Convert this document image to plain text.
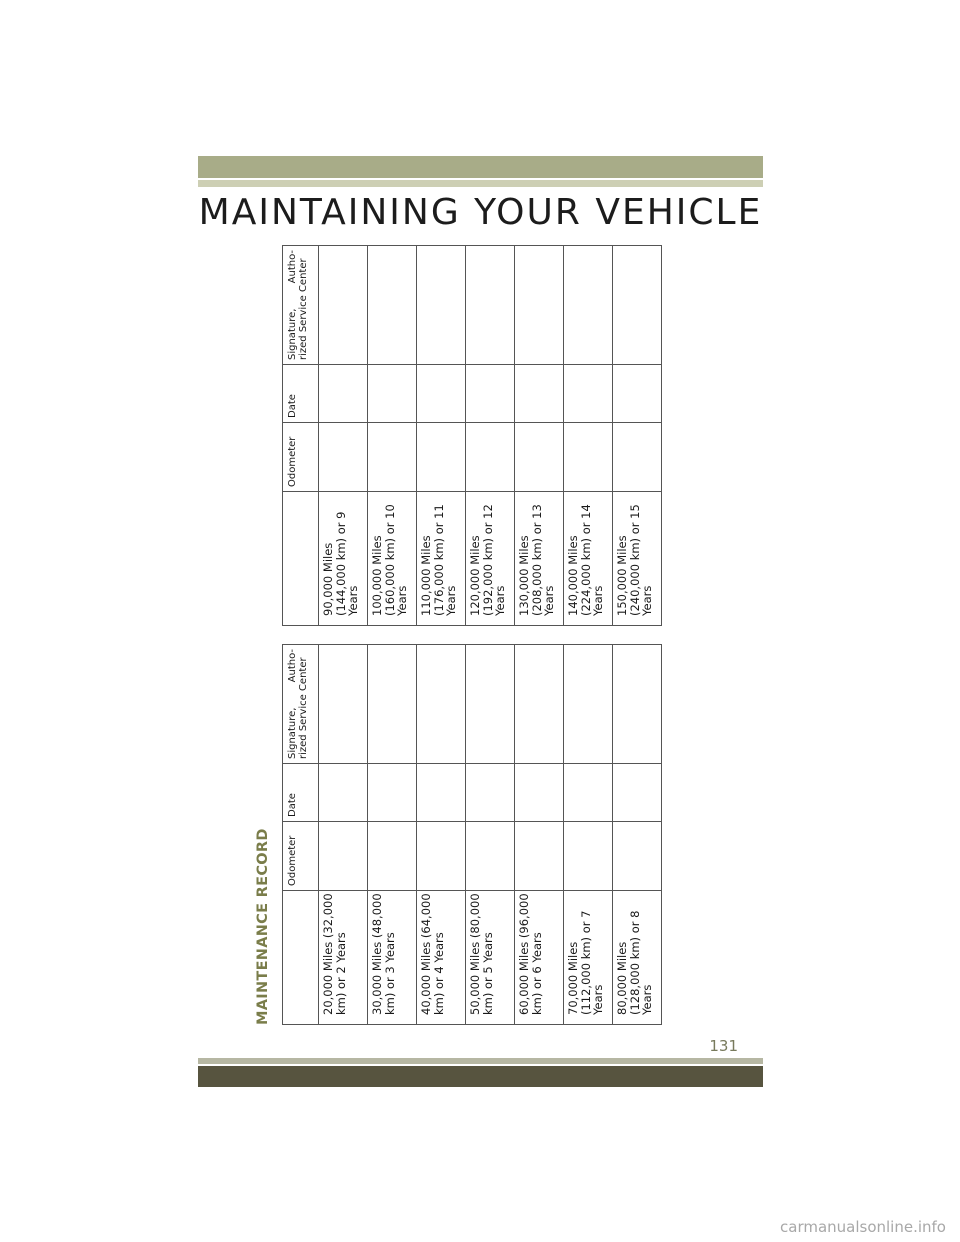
MAINTAINING YOUR VEHICLE
MAINTENANCE RECORD
		Odometer	Date	Signature, Autho-rized Service Center
20,000 Miles (32,000 km) or 2 Years			
30,000 Miles (48,000 km) or 3 Years			
40,000 Miles (64,000 km) or 4 Years			
50,000 Miles (80,000 km) or 5 Years			
60,000 Miles (96,000 km) or 6 Years			
70,000 Miles (112,000 km) or 7 Years			
80,000 Miles (128,000 km) or 8 Years			
	Odometer	Date	Signature, Autho-rized Service Center
90,000 Miles (144,000 km) or 9 Years			
100,000 Miles (160,000 km) or 10 Years			
110,000 Miles (176,000 km) or 11 Years			
120,000 Miles (192,000 km) or 12 Years			
130,000 Miles (208,000 km) or 13 Years			
140,000 Miles (224,000 km) or 14 Years			
150,000 Miles (240,000 km) or 15 Years			
131
carmanualsonline.info
